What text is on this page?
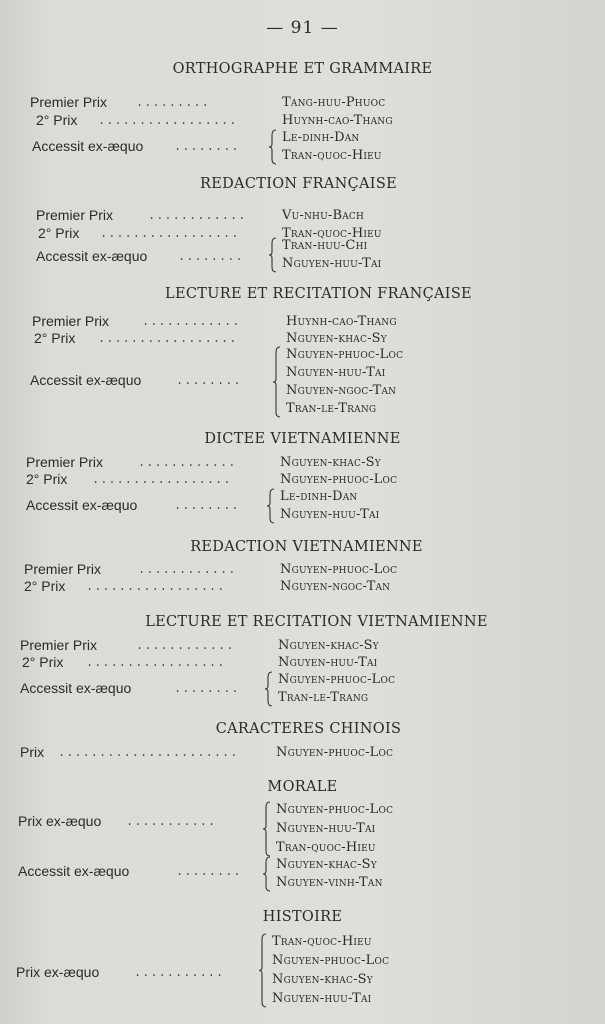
— 91 —
ORTHOGRAPHE ET GRAMMAIRE
Premier Prix .........	Tang-huu-Phuoc
2° Prix .................	Huynh-cao-Thang
Accessit ex-æquo	........
Le-dinh-Dan
Tran-quoc-Hieu
REDACTION FRANÇAISE
Premier Prix	............	Vu-nhu-Bach
2° Prix .................	Tran-quoc-Hieu
Accessit ex-æquo	........
Tran-huu-Chi
Nguyen-huu-Tai
LECTURE ET RECITATION FRANÇAISE
Premier Prix	............	Huynh-cao-Thang
2° Prix .................	Nguyen-khac-Sy
Accessit ex-æquo	........
Nguyen-phuoc-Loc
Nguyen-huu-Tai
Nguyen-ngoc-Tan
Tran-le-Trang
DICTEE VIETNAMIENNE
Premier Prix	............	Nguyen-khac-Sy
2° Prix .................	Nguyen-phuoc-Loc
Accessit ex-æquo	........
Le-dinh-Dan
Nguyen-huu-Tai
REDACTION VIETNAMIENNE
Premier Prix	............	Nguyen-phuoc-Loc
2° Prix .................	Nguyen-ngoc-Tan
LECTURE ET RECITATION VIETNAMIENNE
Premier Prix	............	Nguyen-khac-Sy
2° Prix .................	Nguyen-huu-Tai
Accessit ex-æquo	........
Nguyen-phuoc-Loc
Tran-le-Trang
CARACTERES CHINOIS
Prix ......................	Nguyen-phuoc-Loc
MORALE
Prix ex-æquo ...........
Nguyen-phuoc-Loc
Nguyen-huu-Tai
Tran-quoc-Hieu
Accessit ex-æquo	........	Nguyen-khac-Sy
Nguyen-vinh-Tan
HISTOIRE
Prix ex-æquo	...........
Tran-quoc-Hieu
Nguyen-phuoc-Loc
Nguyen-khac-Sy
Nguyen-huu-Tai
